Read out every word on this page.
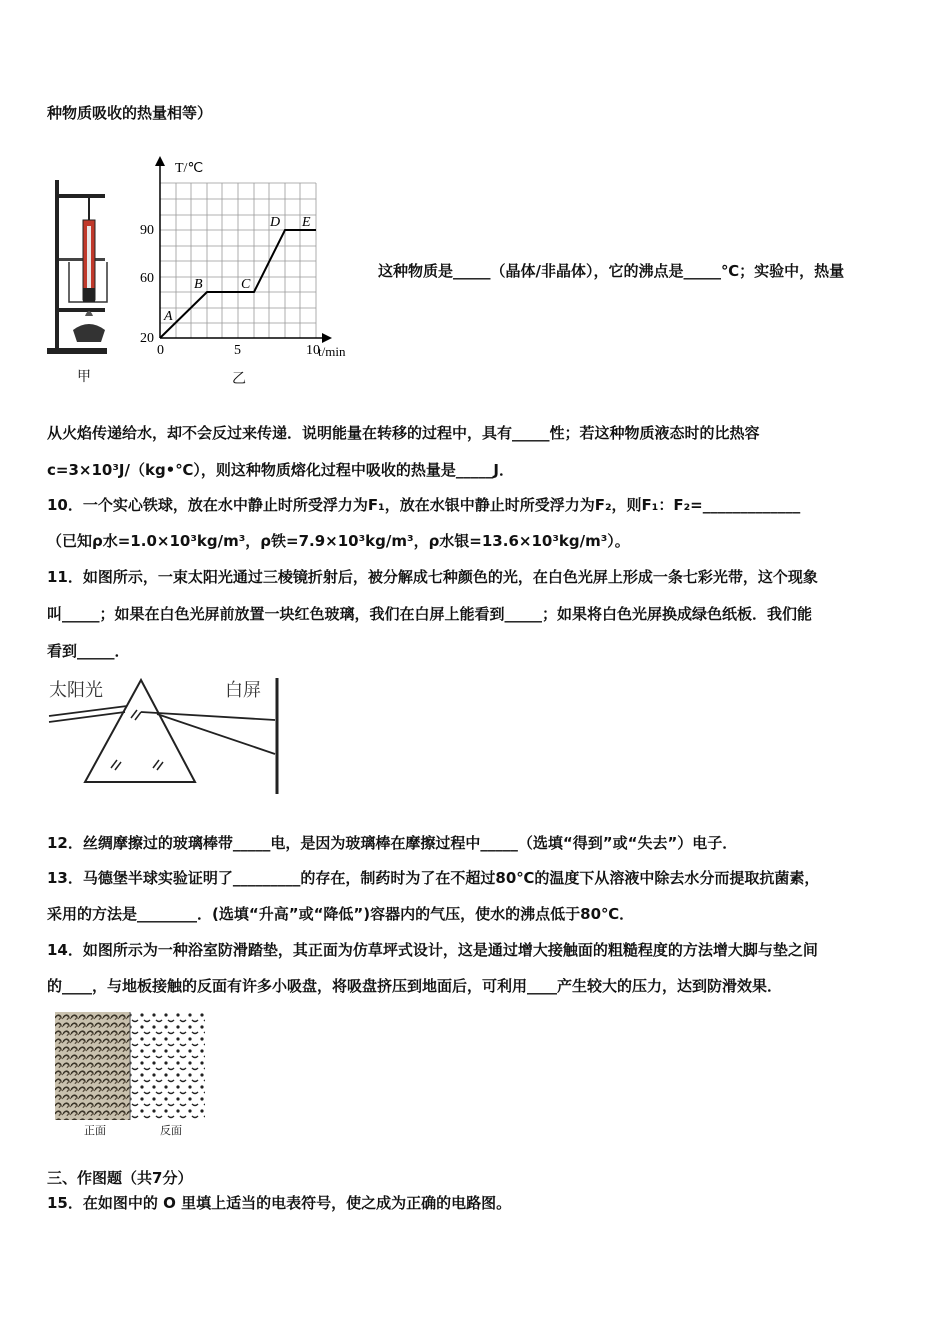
种物质吸收的热量相等）
甲
T/℃
t/min
20
60
90
0	5	10
A
B	C
D E
乙
这种物质是_____（晶体/非晶体），它的沸点是_____℃；实验中，热量
从火焰传递给水，却不会反过来传递．说明能量在转移的过程中，具有_____性；若这种物质液态时的比热容
c=3×10³J/（kg•℃），则这种物质熔化过程中吸收的热量是_____J．
10．一个实心铁球，放在水中静止时所受浮力为F₁，放在水银中静止时所受浮力为F₂，则F₁：F₂=_____________
（已知ρ水=1.0×10³kg/m³，ρ铁=7.9×10³kg/m³，ρ水银=13.6×10³kg/m³）。
11．如图所示，一束太阳光通过三棱镜折射后，被分解成七种颜色的光，在白色光屏上形成一条七彩光带，这个现象
叫_____；如果在白色光屏前放置一块红色玻璃，我们在白屏上能看到_____；如果将白色光屏换成绿色纸板．我们能
看到_____．
太阳光	白屏
12．丝绸摩擦过的玻璃棒带_____电，是因为玻璃棒在摩擦过程中_____（选填“得到”或“失去”）电子．
13．马德堡半球实验证明了_________的存在，制药时为了在不超过80℃的温度下从溶液中除去水分而提取抗菌素，
采用的方法是________．(选填“升高”或“降低”)容器内的气压，使水的沸点低于80℃．
14．如图所示为一种浴室防滑踏垫，其正面为仿草坪式设计，这是通过增大接触面的粗糙程度的方法增大脚与垫之间
的____，与地板接触的反面有许多小吸盘，将吸盘挤压到地面后，可利用____产生较大的压力，达到防滑效果．
正面	反面
三、作图题（共7分）
15．在如图中的 O 里填上适当的电表符号，使之成为正确的电路图。
